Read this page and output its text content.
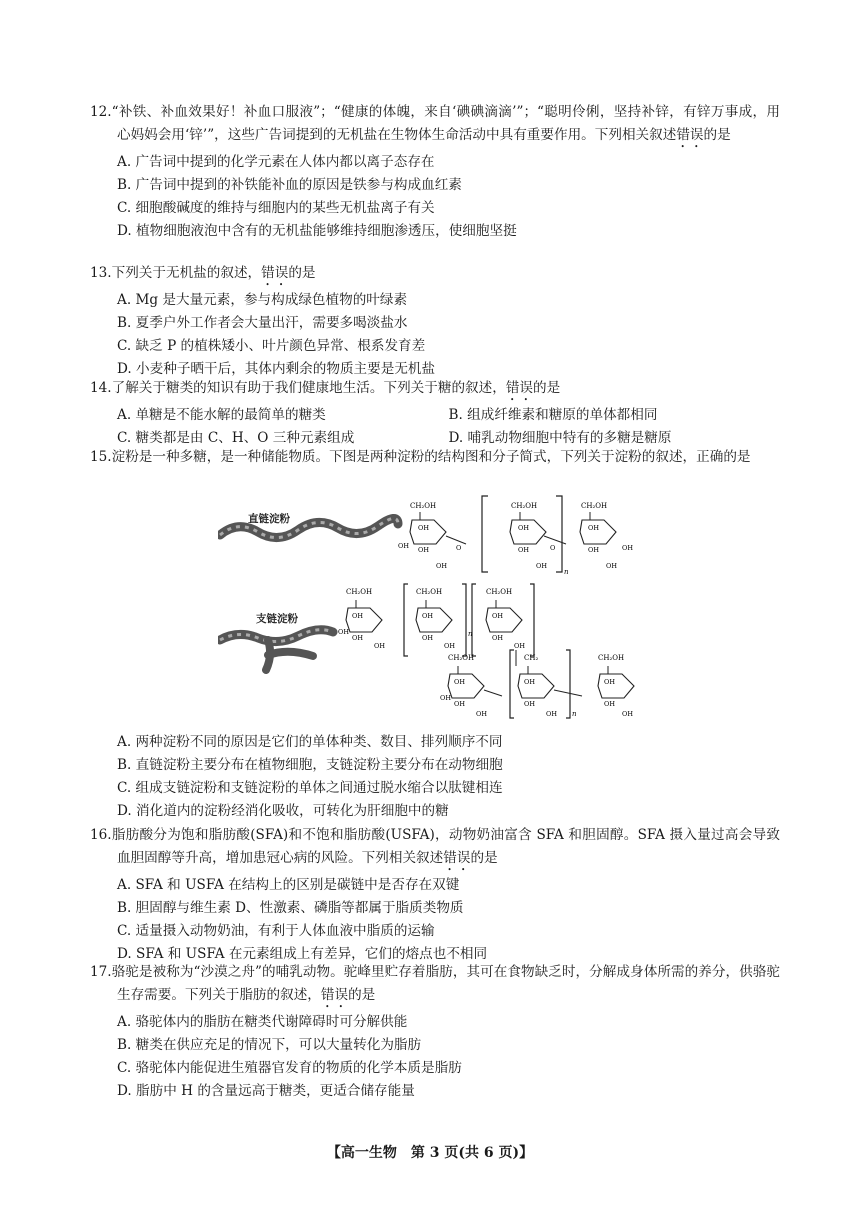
12.“补铁、补血效果好！补血口服液”；“健康的体魄，来自‘碘碘滴滴’”；“聪明伶俐，坚持补锌，有锌万事成，用心妈妈会用‘锌’”，这些广告词提到的无机盐在生物体生命活动中具有重要作用。下列相关叙述错误的是

A. 广告词中提到的化学元素在人体内都以离子态存在

B. 广告词中提到的补铁能补血的原因是铁参与构成血红素

C. 细胞酸碱度的维持与细胞内的某些无机盐离子有关

D. 植物细胞液泡中含有的无机盐能够维持细胞渗透压，使细胞坚挺

13.下列关于无机盐的叙述，错误的是

A. Mg 是大量元素，参与构成绿色植物的叶绿素

B. 夏季户外工作者会大量出汗，需要多喝淡盐水

C. 缺乏 P 的植株矮小、叶片颜色异常、根系发育差

D. 小麦种子晒干后，其体内剩余的物质主要是无机盐

14.了解关于糖类的知识有助于我们健康地生活。下列关于糖的叙述，错误的是

A. 单糖是不能水解的最简单的糖类	B. 组成纤维素和糖原的单体都相同

C. 糖类都是由 C、H、O 三种元素组成	D. 哺乳动物细胞中特有的多糖是糖原

15.淀粉是一种多糖，是一种储能物质。下图是两种淀粉的结构图和分子简式，下列关于淀粉的叙述，正确的是

直链淀粉
支链淀粉
CH₂OH	CH₂OH	CH₂OH
OH	OH	OH
OH	OH	OH
OH	OH	OH
OH	OH
O	O
n
CH₂OH	CH₂OH	CH₂OH
OH	OH	OH
OH	OH	OH
OH
OH	OH	OH
n
CH₂OH	CH₂	CH₂OH
OH	OH	OH
OH	OH	OH
OH
OH	OH	OH
n

A. 两种淀粉不同的原因是它们的单体种类、数目、排列顺序不同

B. 直链淀粉主要分布在植物细胞，支链淀粉主要分布在动物细胞

C. 组成支链淀粉和支链淀粉的单体之间通过脱水缩合以肽键相连

D. 消化道内的淀粉经消化吸收，可转化为肝细胞中的糖

16.脂肪酸分为饱和脂肪酸(SFA)和不饱和脂肪酸(USFA)，动物奶油富含 SFA 和胆固醇。SFA 摄入量过高会导致血胆固醇等升高，增加患冠心病的风险。下列相关叙述错误的是

A. SFA 和 USFA 在结构上的区别是碳链中是否存在双键

B. 胆固醇与维生素 D、性激素、磷脂等都属于脂质类物质

C. 适量摄入动物奶油，有利于人体血液中脂质的运输

D. SFA 和 USFA 在元素组成上有差异，它们的熔点也不相同

17.骆驼是被称为“沙漠之舟”的哺乳动物。驼峰里贮存着脂肪，其可在食物缺乏时，分解成身体所需的养分，供骆驼生存需要。下列关于脂肪的叙述，错误的是

A. 骆驼体内的脂肪在糖类代谢障碍时可分解供能

B. 糖类在供应充足的情况下，可以大量转化为脂肪

C. 骆驼体内能促进生殖器官发育的物质的化学本质是脂肪

D. 脂肪中 H 的含量远高于糖类，更适合储存能量

【高一生物　第 3 页(共 6 页)】
